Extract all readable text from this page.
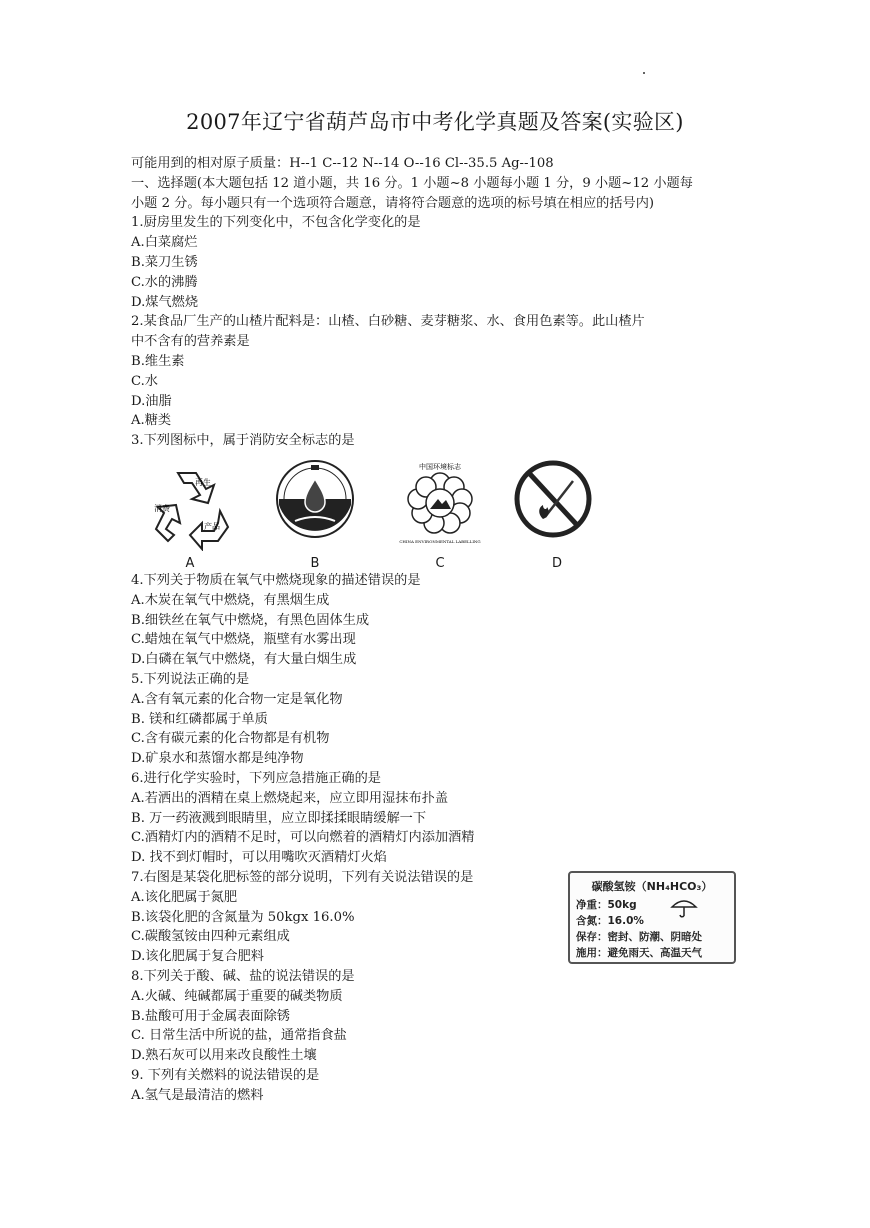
2007年辽宁省葫芦岛市中考化学真题及答案(实验区)
可能用到的相对原子质量：H--1 C--12 N--14 O--16 Cl--35.5 Ag--108
一、选择题(本大题包括 12 道小题，共 16 分。1 小题~8 小题每小题 1 分，9 小题~12 小题每
小题 2 分。每小题只有一个选项符合题意，请将符合题意的选项的标号填在相应的括号内)
1.厨房里发生的下列变化中，不包含化学变化的是
A.白菜腐烂
B.菜刀生锈
C.水的沸腾
D.煤气燃烧
2.某食品厂生产的山楂片配料是：山楂、白砂糖、麦芽糖浆、水、食用色素等。此山楂片
中不含有的营养素是
B.维生素
C.水
D.油脂
A.糖类
3.下列图标中，属于消防安全标志的是
再生
消费
产品
A	B
中国环境标志
CHINA ENVIRONMENTAL LABELLING
C	D
4.下列关于物质在氧气中燃烧现象的描述错误的是
A.木炭在氧气中燃烧，有黑烟生成
B.细铁丝在氧气中燃烧，有黑色固体生成
C.蜡烛在氧气中燃烧，瓶壁有水雾出现
D.白磷在氧气中燃烧，有大量白烟生成
5.下列说法正确的是
A.含有氧元素的化合物一定是氧化物
B. 镁和红磷都属于单质
C.含有碳元素的化合物都是有机物
D.矿泉水和蒸馏水都是纯净物
6.进行化学实验时，下列应急措施正确的是
A.若洒出的酒精在桌上燃烧起来，应立即用湿抹布扑盖
B. 万一药液溅到眼睛里，应立即揉揉眼睛缓解一下
C.酒精灯内的酒精不足时，可以向燃着的酒精灯内添加酒精
D. 找不到灯帽时，可以用嘴吹灭酒精灯火焰
7.右图是某袋化肥标签的部分说明，下列有关说法错误的是
A.该化肥属于氮肥
B.该袋化肥的含氮量为 50kgx 16.0%
C.碳酸氢铵由四种元素组成
D.该化肥属于复合肥料
8.下列关于酸、碱、盐的说法错误的是
A.火碱、纯碱都属于重要的碱类物质
B.盐酸可用于金属表面除锈
C. 日常生活中所说的盐，通常指食盐
D.熟石灰可以用来改良酸性土壤
9. 下列有关燃料的说法错误的是
A.氢气是最清洁的燃料
碳酸氢铵（NH₄HCO₃）
净重：50kg
含氮：16.0%
保存：密封、防潮、阴暗处
施用：避免雨天、高温天气
